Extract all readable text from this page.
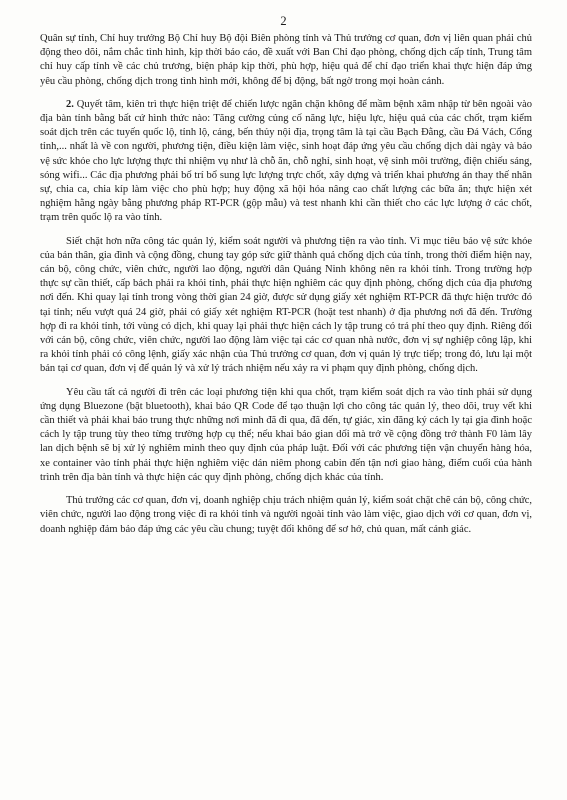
2

Quân sự tỉnh, Chỉ huy trưởng Bộ Chỉ huy Bộ đội Biên phòng tỉnh và Thủ trưởng cơ quan, đơn vị liên quan phải chủ động theo dõi, nắm chắc tình hình, kịp thời báo cáo, đề xuất với Ban Chỉ đạo phòng, chống dịch cấp tỉnh, Trung tâm chỉ huy cấp tỉnh về các chủ trương, biện pháp kịp thời, phù hợp, hiệu quả để chỉ đạo triển khai thực hiện đáp ứng yêu cầu phòng, chống dịch trong tình hình mới, không để bị động, bất ngờ trong mọi hoàn cảnh.

2. Quyết tâm, kiên trì thực hiện triệt để chiến lược ngăn chặn không để mầm bệnh xâm nhập từ bên ngoài vào địa bàn tỉnh bằng bất cứ hình thức nào: Tăng cường củng cố năng lực, hiệu lực, hiệu quả của các chốt, trạm kiểm soát dịch trên các tuyến quốc lộ, tỉnh lộ, cảng, bến thủy nội địa, trọng tâm là tại cầu Bạch Đằng, cầu Đá Vách, Cổng tỉnh,... nhất là về con người, phương tiện, điều kiện làm việc, sinh hoạt đáp ứng yêu cầu chống dịch dài ngày và bảo vệ sức khỏe cho lực lượng thực thi nhiệm vụ như là chỗ ăn, chỗ nghỉ, sinh hoạt, vệ sinh môi trường, điện chiếu sáng, sóng wifi... Các địa phương phải bố trí bổ sung lực lượng trực chốt, xây dựng và triển khai phương án thay thế nhân sự, chia ca, chia kíp làm việc cho phù hợp; huy động xã hội hóa nâng cao chất lượng các bữa ăn; thực hiện xét nghiệm hằng ngày bằng phương pháp RT-PCR (gộp mẫu) và test nhanh khi cần thiết cho các lực lượng ở các chốt, trạm trên quốc lộ ra vào tỉnh.

Siết chặt hơn nữa công tác quản lý, kiểm soát người và phương tiện ra vào tỉnh. Vì mục tiêu bảo vệ sức khỏe của bản thân, gia đình và cộng đồng, chung tay góp sức giữ thành quả chống dịch của tỉnh, trong thời điểm hiện nay, cán bộ, công chức, viên chức, người lao động, người dân Quảng Ninh không nên ra khỏi tỉnh. Trong trường hợp thực sự cần thiết, cấp bách phải ra khỏi tỉnh, phải thực hiện nghiêm các quy định phòng, chống dịch của địa phương nơi đến. Khi quay lại tỉnh trong vòng thời gian 24 giờ, được sử dụng giấy xét nghiệm RT-PCR đã thực hiện trước đó tại tỉnh; nếu vượt quá 24 giờ, phải có giấy xét nghiệm RT-PCR (hoặt test nhanh) ở địa phương nơi đã đến. Trường hợp đi ra khỏi tỉnh, tới vùng có dịch, khi quay lại phải thực hiện cách ly tập trung có trả phí theo quy định. Riêng đối với cán bộ, công chức, viên chức, người lao động làm việc tại các cơ quan nhà nước, đơn vị sự nghiệp công lập, khi ra khỏi tỉnh phải có công lệnh, giấy xác nhận của Thủ trưởng cơ quan, đơn vị quản lý trực tiếp; trong đó, lưu lại một bản tại cơ quan, đơn vị để quản lý và xử lý trách nhiệm nếu xảy ra vi phạm quy định phòng, chống dịch.

Yêu cầu tất cả người đi trên các loại phương tiện khi qua chốt, trạm kiểm soát dịch ra vào tỉnh phải sử dụng ứng dụng Bluezone (bật bluetooth), khai báo QR Code để tạo thuận lợi cho công tác quản lý, theo dõi, truy vết khi cần thiết và phải khai báo trung thực những nơi mình đã đi qua, đã đến, tự giác, xin đăng ký cách ly tại gia đình hoặc cách ly tập trung tùy theo từng trường hợp cụ thể; nếu khai báo gian dối mà trở về cộng đồng trở thành F0 làm lây lan dịch bệnh sẽ bị xử lý nghiêm minh theo quy định của pháp luật. Đối với các phương tiện vận chuyển hàng hóa, xe container vào tỉnh phải thực hiện nghiêm việc dán niêm phong cabin đến tận nơi giao hàng, điểm cuối của hành trình trên địa bàn tỉnh và thực hiện các quy định phòng, chống dịch khác của tỉnh.

Thủ trưởng các cơ quan, đơn vị, doanh nghiệp chịu trách nhiệm quản lý, kiểm soát chặt chẽ cán bộ, công chức, viên chức, người lao động trong việc đi ra khỏi tỉnh và người ngoài tỉnh vào làm việc, giao dịch với cơ quan, đơn vị, doanh nghiệp đảm bảo đáp ứng các yêu cầu chung; tuyệt đối không để sơ hở, chủ quan, mất cảnh giác.
